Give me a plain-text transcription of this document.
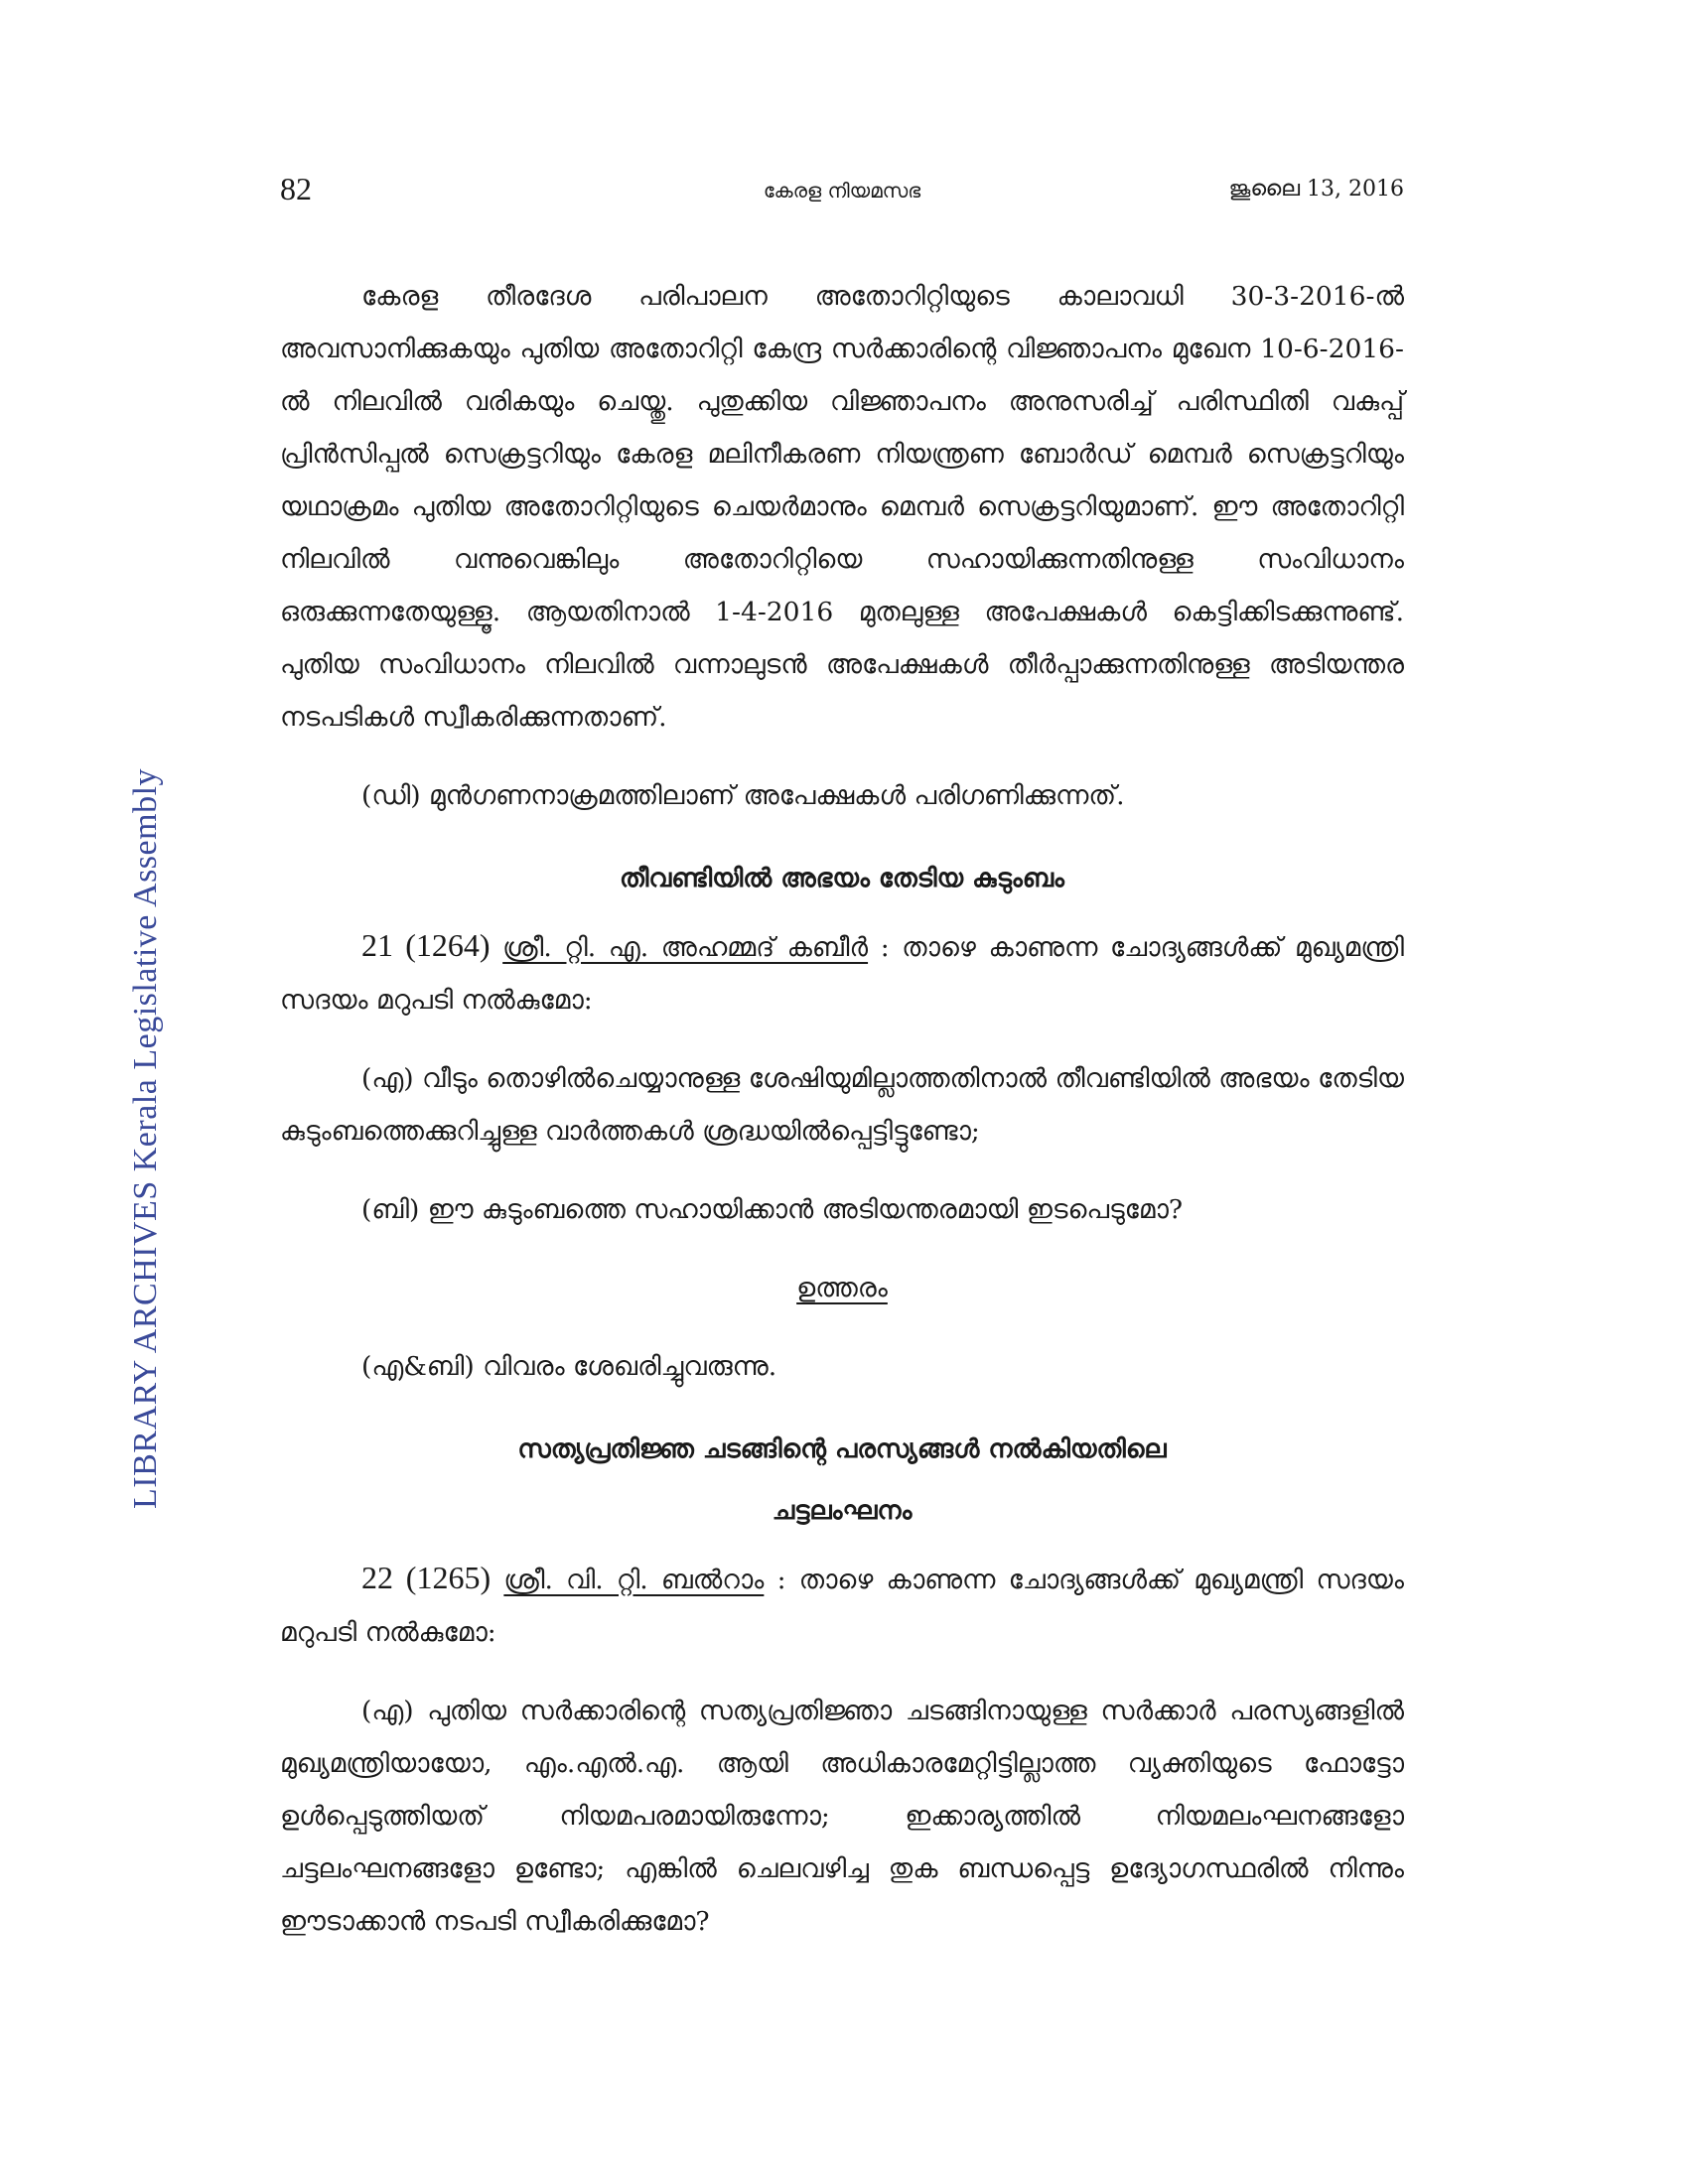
82	കേരള നിയമസഭ	ജൂലൈ 13, 2016
LIBRARY ARCHIVES Kerala Legislative Assembly

കേരള തീരദേശ പരിപാലന അതോറിറ്റിയുടെ കാലാവധി 30-3-2016-ൽ അവസാനിക്കുകയും പുതിയ അതോറിറ്റി കേന്ദ്ര സർക്കാരിന്റെ വിജ്ഞാപനം മുഖേന 10-6-2016-ൽ നിലവിൽ വരികയും ചെയ്തു. പുതുക്കിയ വിജ്ഞാപനം അനുസരിച്ച് പരിസ്ഥിതി വകുപ്പ് പ്രിൻസിപ്പൽ സെക്രട്ടറിയും കേരള മലിനീകരണ നിയന്ത്രണ ബോർഡ് മെമ്പർ സെക്രട്ടറിയും യഥാക്രമം പുതിയ അതോറിറ്റിയുടെ ചെയർമാനും മെമ്പർ സെക്രട്ടറിയുമാണ്. ഈ അതോറിറ്റി നിലവിൽ വന്നുവെങ്കിലും അതോറിറ്റിയെ സഹായിക്കുന്നതിനുള്ള സംവിധാനം ഒരുക്കുന്നതേയുള്ളൂ. ആയതിനാൽ 1-4-2016 മുതലുള്ള അപേക്ഷകൾ കെട്ടിക്കിടക്കുന്നുണ്ട്. പുതിയ സംവിധാനം നിലവിൽ വന്നാലുടൻ അപേക്ഷകൾ തീർപ്പാക്കുന്നതിനുള്ള അടിയന്തര നടപടികൾ സ്വീകരിക്കുന്നതാണ്.

(ഡി) മുൻഗണനാക്രമത്തിലാണ് അപേക്ഷകൾ പരിഗണിക്കുന്നത്.

തീവണ്ടിയിൽ അഭയം തേടിയ കുടുംബം

21 (1264) ശ്രീ. റ്റി. എ. അഹമ്മദ് കബീർ : താഴെ കാണുന്ന ചോദ്യങ്ങൾക്ക് മുഖ്യമന്ത്രി സദയം മറുപടി നൽകുമോ:

(എ) വീടും തൊഴിൽചെയ്യാനുള്ള ശേഷിയുമില്ലാത്തതിനാൽ തീവണ്ടിയിൽ അഭയം തേടിയ കുടുംബത്തെക്കുറിച്ചുള്ള വാർത്തകൾ ശ്രദ്ധയിൽപ്പെട്ടിട്ടുണ്ടോ;

(ബി) ഈ കുടുംബത്തെ സഹായിക്കാൻ അടിയന്തരമായി ഇടപെടുമോ?

ഉത്തരം

(എ&ബി) വിവരം ശേഖരിച്ചുവരുന്നു.

സത്യപ്രതിജ്ഞ ചടങ്ങിന്റെ പരസ്യങ്ങൾ നൽകിയതിലെ

ചട്ടലംഘനം

22 (1265) ശ്രീ. വി. റ്റി. ബൽറാം : താഴെ കാണുന്ന ചോദ്യങ്ങൾക്ക് മുഖ്യമന്ത്രി സദയം മറുപടി നൽകുമോ:

(എ) പുതിയ സർക്കാരിന്റെ സത്യപ്രതിജ്ഞാ ചടങ്ങിനായുള്ള സർക്കാർ പരസ്യങ്ങളിൽ മുഖ്യമന്ത്രിയായോ, എം.എൽ.എ. ആയി അധികാരമേറ്റിട്ടില്ലാത്ത വ്യക്തിയുടെ ഫോട്ടോ ഉൾപ്പെടുത്തിയത് നിയമപരമായിരുന്നോ; ഇക്കാര്യത്തിൽ നിയമലംഘനങ്ങളോ ചട്ടലംഘനങ്ങളോ ഉണ്ടോ; എങ്കിൽ ചെലവഴിച്ച തുക ബന്ധപ്പെട്ട ഉദ്യോഗസ്ഥരിൽ നിന്നും ഈടാക്കാൻ നടപടി സ്വീകരിക്കുമോ?
